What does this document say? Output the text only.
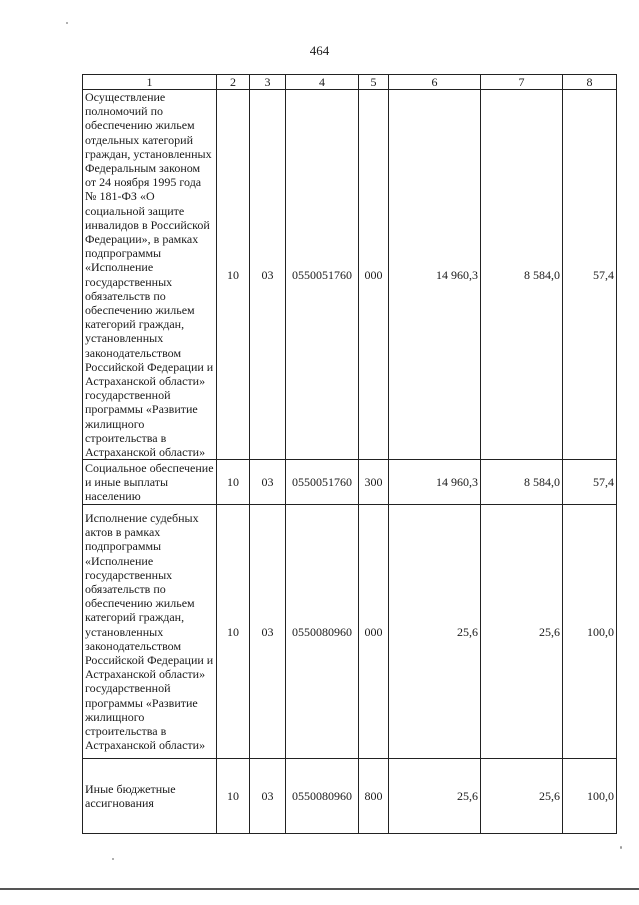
464
1	2	3	4	5	6	7	8
Осуществление полномочий по обеспечению жильем отдельных категорий граждан, установленных Федеральным законом от 24 ноября 1995 года № 181-ФЗ «О социальной защите инвалидов в Российской Федерации», в рамках подпрограммы «Исполнение государственных обязательств по обеспечению жильем категорий граждан, установленных законодательством Российской Федерации и Астраханской области» государственной программы «Развитие жилищного строительства в Астраханской области»	10	03	0550051760	000	14 960,3	8 584,0	57,4
Социальное обеспечение и иные выплаты населению	10	03	0550051760	300	14 960,3	8 584,0	57,4
Исполнение судебных актов в рамках подпрограммы «Исполнение государственных обязательств по обеспечению жильем категорий граждан, установленных законодательством Российской Федерации и Астраханской области» государственной программы «Развитие жилищного строительства в Астраханской области»	10	03	0550080960	000	25,6	25,6	100,0
Иные бюджетные ассигнования	10	03	0550080960	800	25,6	25,6	100,0
